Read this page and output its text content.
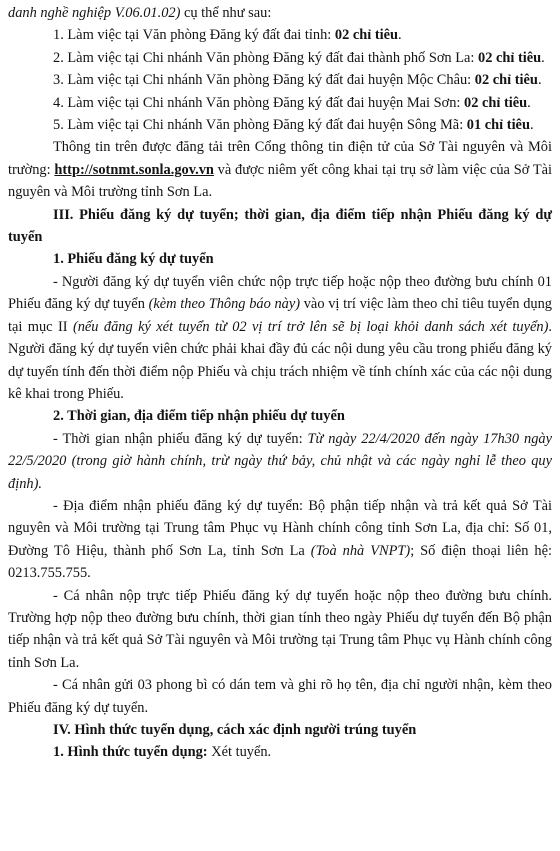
danh nghề nghiệp V.06.01.02) cụ thể như sau:

1. Làm việc tại Văn phòng Đăng ký đất đai tỉnh: 02 chỉ tiêu.

2. Làm việc tại Chi nhánh Văn phòng Đăng ký đất đai thành phố Sơn La: 02 chỉ tiêu.

3. Làm việc tại Chi nhánh Văn phòng Đăng ký đất đai huyện Mộc Châu: 02 chỉ tiêu.

4. Làm việc tại Chi nhánh Văn phòng Đăng ký đất đai huyện Mai Sơn: 02 chỉ tiêu.

5. Làm việc tại Chi nhánh Văn phòng Đăng ký đất đai huyện Sông Mã: 01 chỉ tiêu.

Thông tin trên được đăng tải trên Cổng thông tin điện tử của Sở Tài nguyên và Môi trường: http://sotnmt.sonla.gov.vn và được niêm yết công khai tại trụ sở làm việc của Sở Tài nguyên và Môi trường tỉnh Sơn La.

III. Phiếu đăng ký dự tuyển; thời gian, địa điểm tiếp nhận Phiếu đăng ký dự tuyển

1. Phiếu đăng ký dự tuyển

- Người đăng ký dự tuyển viên chức nộp trực tiếp hoặc nộp theo đường bưu chính 01 Phiếu đăng ký dự tuyển (kèm theo Thông báo này) vào vị trí việc làm theo chỉ tiêu tuyển dụng tại mục II (nếu đăng ký xét tuyển từ 02 vị trí trở lên sẽ bị loại khỏi danh sách xét tuyển). Người đăng ký dự tuyển viên chức phải khai đầy đủ các nội dung yêu cầu trong phiếu đăng ký dự tuyển tính đến thời điểm nộp Phiếu và chịu trách nhiệm về tính chính xác của các nội dung kê khai trong Phiếu.

2. Thời gian, địa điểm tiếp nhận phiếu dự tuyển

- Thời gian nhận phiếu đăng ký dự tuyển: Từ ngày 22/4/2020 đến ngày 17h30 ngày 22/5/2020 (trong giờ hành chính, trừ ngày thứ bảy, chủ nhật và các ngày nghỉ lễ theo quy định).

- Địa điểm nhận phiếu đăng ký dự tuyển: Bộ phận tiếp nhận và trả kết quả Sở Tài nguyên và Môi trường tại Trung tâm Phục vụ Hành chính công tỉnh Sơn La, địa chỉ: Số 01, Đường Tô Hiệu, thành phố Sơn La, tỉnh Sơn La (Toà nhà VNPT); Số điện thoại liên hệ: 0213.755.755.

- Cá nhân nộp trực tiếp Phiếu đăng ký dự tuyển hoặc nộp theo đường bưu chính. Trường hợp nộp theo đường bưu chính, thời gian tính theo ngày Phiếu dự tuyển đến Bộ phận tiếp nhận và trả kết quả Sở Tài nguyên và Môi trường tại Trung tâm Phục vụ Hành chính công tỉnh Sơn La.

- Cá nhân gửi 03 phong bì có dán tem và ghi rõ họ tên, địa chỉ người nhận, kèm theo Phiếu đăng ký dự tuyển.

IV. Hình thức tuyển dụng, cách xác định người trúng tuyển

1. Hình thức tuyển dụng: Xét tuyển.
